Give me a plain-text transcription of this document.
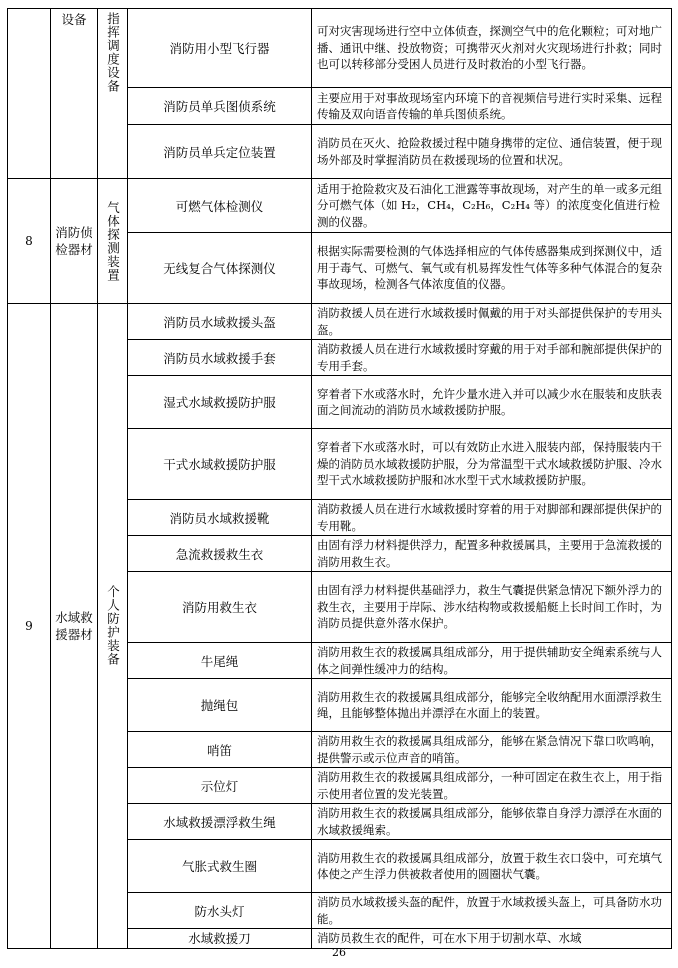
	设备	指挥调度设备	消防用小型飞行器	可对灾害现场进行空中立体侦查，探测空气中的危化颗粒；可对地广播、通讯中继、投放物资；可携带灭火剂对火灾现场进行扑救；同时也可以转移部分受困人员进行及时救治的小型飞行器。
			消防员单兵图侦系统	主要应用于对事故现场室内环境下的音视频信号进行实时采集、远程传输及双向语音传输的单兵图侦系统。
			消防员单兵定位装置	消防员在灭火、抢险救援过程中随身携带的定位、通信装置，便于现场外部及时掌握消防员在救援现场的位置和状况。
8	消防侦检器材	气体探测装置	可燃气体检测仪	适用于抢险救灾及石油化工泄露等事故现场，对产生的单一或多元组分可燃气体（如 H₂，CH₄，C₂H₆，C₂H₄ 等）的浓度变化值进行检测的仪器。
			无线复合气体探测仪	根据实际需要检测的气体选择相应的气体传感器集成到探测仪中，适用于毒气、可燃气、氧气或有机易挥发性气体等多种气体混合的复杂事故现场，检测各气体浓度值的仪器。
9	水域救援器材	个人防护装备	消防员水域救援头盔	消防救援人员在进行水域救援时佩戴的用于对头部提供保护的专用头盔。
			消防员水域救援手套	消防救援人员在进行水域救援时穿戴的用于对手部和腕部提供保护的专用手套。
			湿式水域救援防护服	穿着者下水或落水时，允许少量水进入并可以减少水在服装和皮肤表面之间流动的消防员水域救援防护服。
			干式水域救援防护服	穿着者下水或落水时，可以有效防止水进入服装内部，保持服装内干燥的消防员水域救援防护服，分为常温型干式水域救援防护服、冷水型干式水域救援防护服和冰水型干式水域救援防护服。
			消防员水域救援靴	消防救援人员在进行水域救援时穿着的用于对脚部和踝部提供保护的专用靴。
			急流救援救生衣	由固有浮力材料提供浮力，配置多种救援属具，主要用于急流救援的消防用救生衣。
			消防用救生衣	由固有浮力材料提供基础浮力，救生气囊提供紧急情况下额外浮力的救生衣，主要用于岸际、涉水结构物或救援船艇上长时间工作时，为消防员提供意外落水保护。
			牛尾绳	消防用救生衣的救援属具组成部分，用于提供辅助安全绳索系统与人体之间弹性缓冲力的结构。
			抛绳包	消防用救生衣的救援属具组成部分，能够完全收纳配用水面漂浮救生绳，且能够整体抛出并漂浮在水面上的装置。
			哨笛	消防用救生衣的救援属具组成部分，能够在紧急情况下靠口吹鸣响，提供警示或示位声音的哨笛。
			示位灯	消防用救生衣的救援属具组成部分，一种可固定在救生衣上，用于指示使用者位置的发光装置。
			水域救援漂浮救生绳	消防用救生衣的救援属具组成部分，能够依靠自身浮力漂浮在水面的水域救援绳索。
			气胀式救生圈	消防用救生衣的救援属具组成部分，放置于救生衣口袋中，可充填气体使之产生浮力供被救者使用的圆圈状气囊。
			防水头灯	消防员水域救援头盔的配件，放置于水域救援头盔上，可具备防水功能。
			水域救援刀	消防员救生衣的配件，可在水下用于切割水草、水域
26
